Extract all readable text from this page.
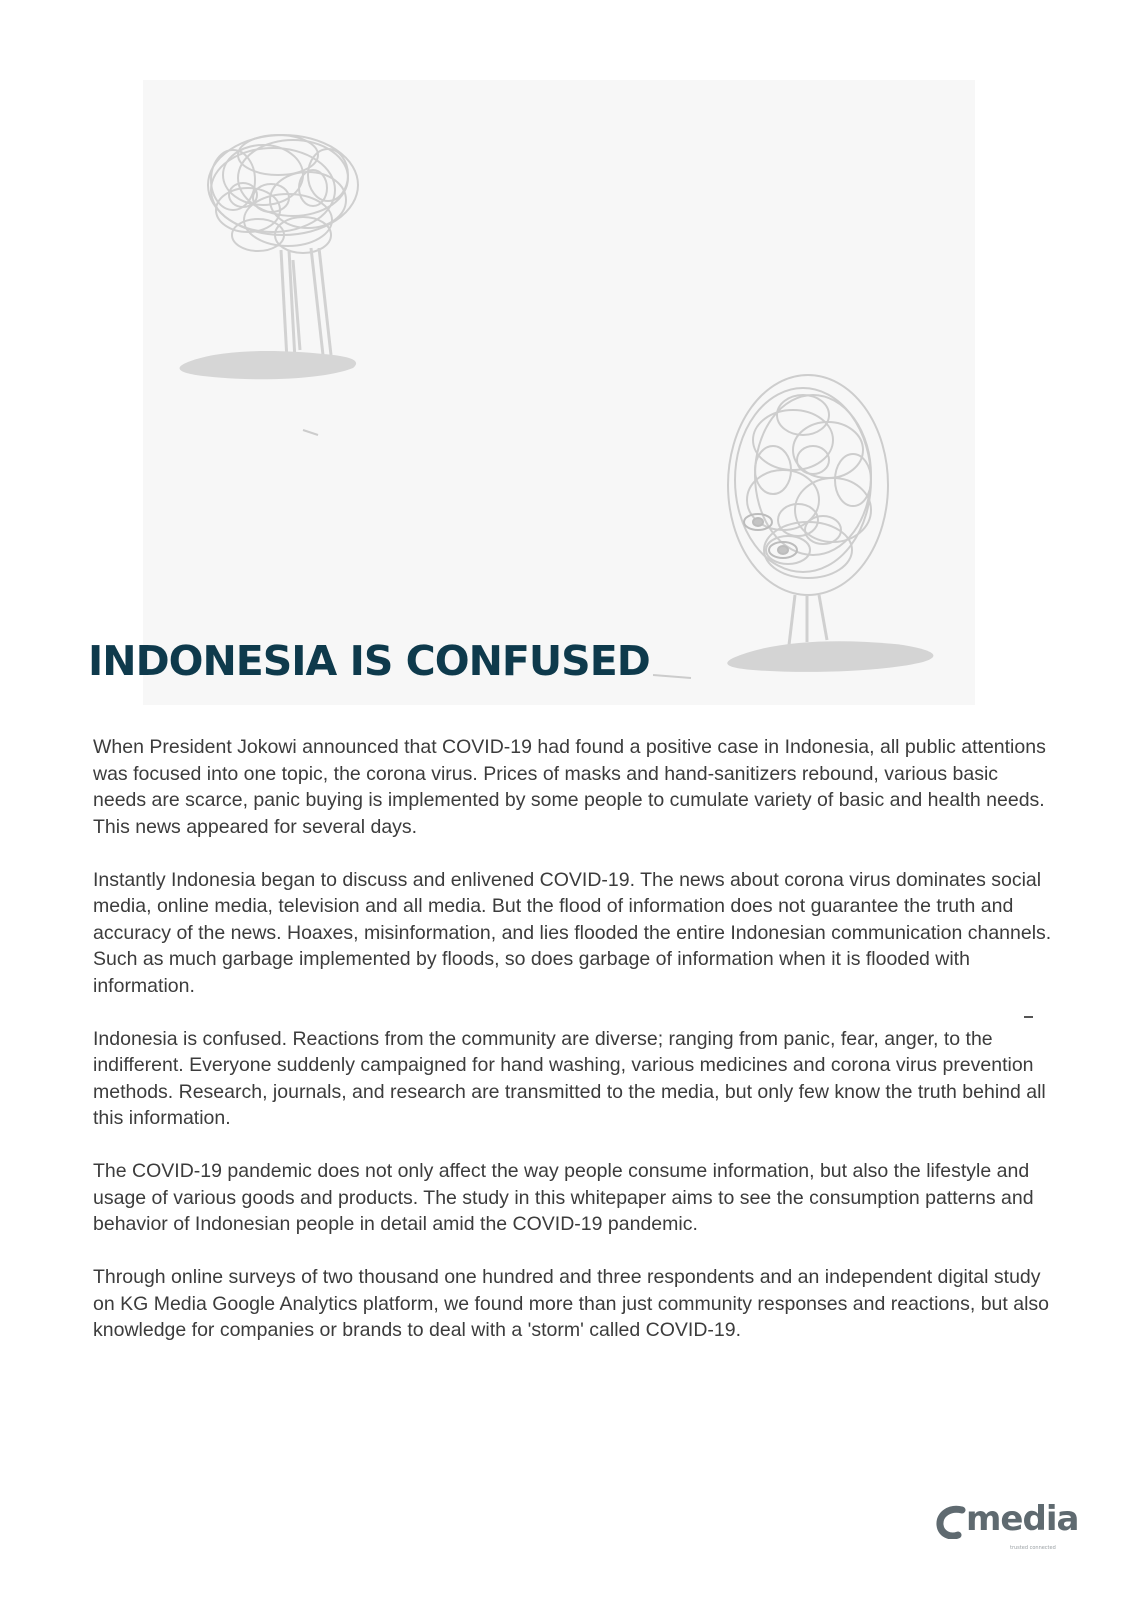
INDONESIA IS CONFUSED

When President Jokowi announced that COVID-19 had found a positive case in Indonesia, all public attentions was focused into one topic, the corona virus. Prices of masks and hand-sanitizers rebound, various basic needs are scarce, panic buying is implemented by some people to cumulate variety of basic and health needs. This news appeared for several days.

Instantly Indonesia began to discuss and enlivened COVID-19. The news about corona virus dominates social media, online media, television and all media. But the flood of information does not guarantee the truth and accuracy of the news. Hoaxes, misinformation, and lies flooded the entire Indonesian communication channels. Such as much garbage implemented by floods, so does garbage of information when it is flooded with information.

Indonesia is confused. Reactions from the community are diverse; ranging from panic, fear, anger, to the indifferent. Everyone suddenly campaigned for hand washing, various medicines and corona virus prevention methods. Research, journals, and research are transmitted to the media, but only few know the truth behind all this information.

The COVID-19 pandemic does not only affect the way people consume information, but also the lifestyle and usage of various goods and products. The study in this whitepaper aims to see the consumption patterns and behavior of Indonesian people in detail amid the COVID-19 pandemic.

Through online surveys of two thousand one hundred and three respondents and an independent digital study on KG Media Google Analytics platform, we found more than just community responses and reactions, but also knowledge for companies or brands to deal with a 'storm' called COVID-19.

media
trusted connected
